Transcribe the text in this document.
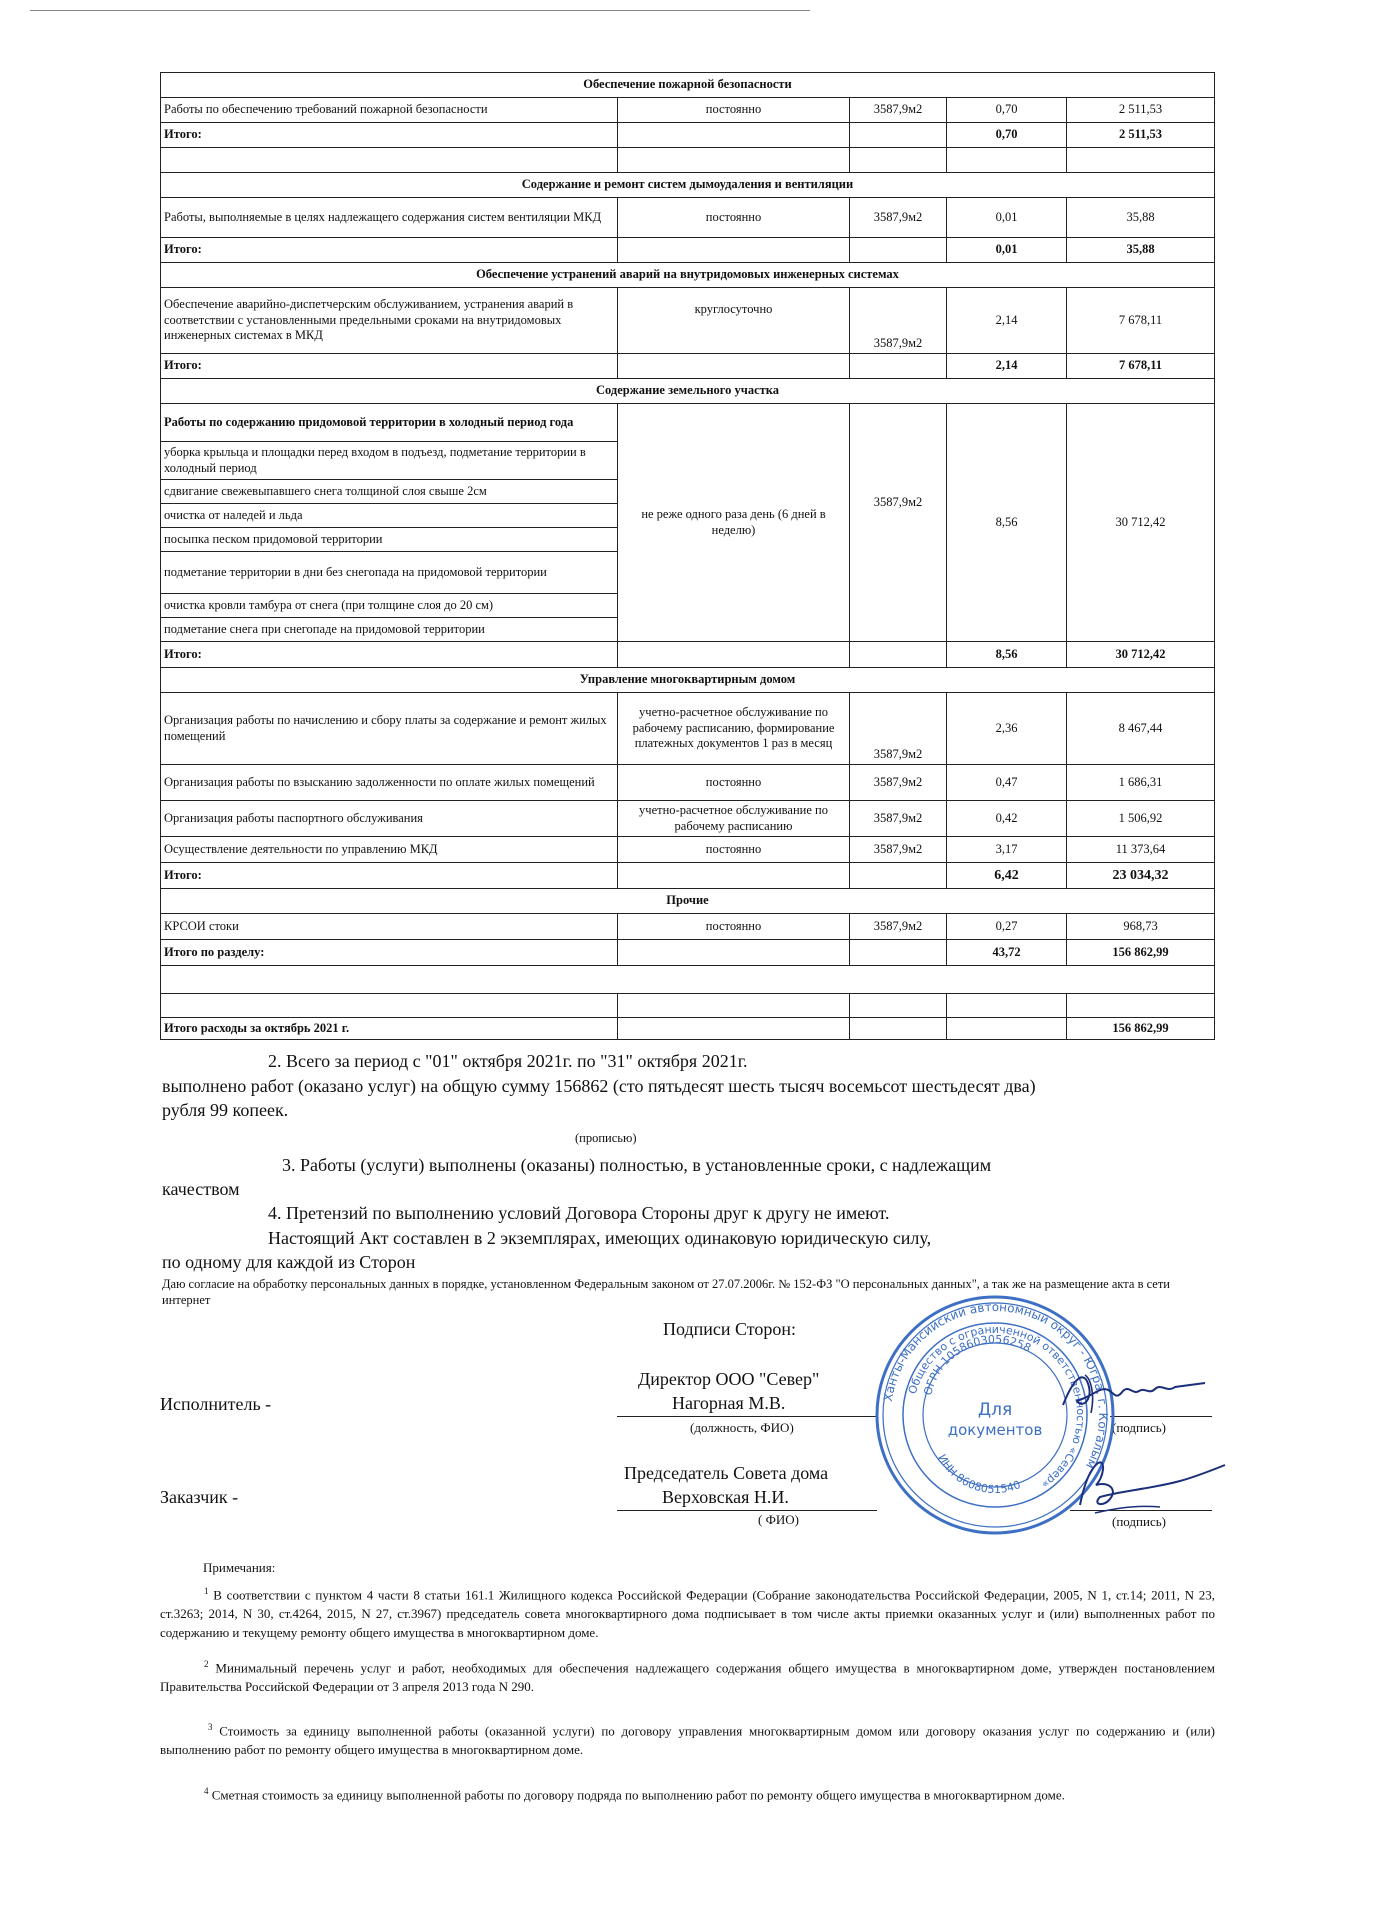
Обеспечение пожарной безопасности				
Работы по обеспечению требований пожарной безопасности	постоянно	3587,9м2	0,70	2 511,53
Итого:			0,70	2 511,53

Содержание и ремонт систем дымоудаления и вентиляции				
Работы, выполняемые в целях надлежащего содержания систем вентиляции МКД	постоянно	3587,9м2	0,01	35,88
Итого:			0,01	35,88
Обеспечение устранений аварий на внутридомовых инженерных системах				
Обеспечение аварийно-диспетчерским обслуживанием, устранения аварий в соответствии с установленными предельными сроками на внутридомовых инженерных системах в МКД	круглосуточно	3587,9м2	2,14	7 678,11
Итого:			2,14	7 678,11
Содержание земельного участка				
Работы по содержанию придомовой территории в холодный период года	не реже одного раза день (6 дней в неделю)	3587,9м2	8,56	30 712,42
уборка крыльца и площадки перед входом в подъезд, подметание территории в холодный период				
сдвигание свежевыпавшего снега толщиной слоя свыше 2см				
очистка от наледей и льда				
посыпка песком придомовой территории				
подметание территории в дни без снегопада на придомовой территории				
очистка кровли тамбура от снега (при толщине слоя до 20 см)				
подметание снега при снегопаде на придомовой территории				
Итого:			8,56	30 712,42
Управление многоквартирным домом				
Организация работы по начислению и сбору платы за содержание и ремонт жилых помещений	учетно-расчетное обслуживание по рабочему расписанию, формирование платежных документов 1 раз в месяц	3587,9м2	2,36	8 467,44
Организация работы по взысканию задолженности по оплате жилых помещений	постоянно	3587,9м2	0,47	1 686,31
Организация работы паспортного обслуживания	учетно-расчетное обслуживание по рабочему расписанию	3587,9м2	0,42	1 506,92
Осуществление деятельности по управлению МКД	постоянно	3587,9м2	3,17	11 373,64
Итого:			6,42	23 034,32
Прочие				
КРСОИ стоки	постоянно	3587,9м2	0,27	968,73
Итого по разделу:			43,72	156 862,99

Итого расходы за октябрь 2021 г.				156 862,99
2. Всего за период с "01" октября 2021г. по "31" октября 2021г.
выполнено работ (оказано услуг) на общую сумму 156862 (сто пятьдесят шесть тысяч восемьсот шестьдесят два)
рубля 99 копеек.
(прописью)
3. Работы (услуги) выполнены (оказаны) полностью, в установленные сроки, с надлежащим
качеством
4. Претензий по выполнению условий Договора Стороны друг к другу не имеют.
Настоящий Акт составлен в 2 экземплярах, имеющих одинаковую юридическую силу,
по одному для каждой из Сторон
Даю согласие на обработку персональных данных в порядке, установленном Федеральным законом от 27.07.2006г. № 152-ФЗ "О персональных данных", а так же на размещение акта в сети интернет
Подписи Сторон:
Исполнитель -
Директор ООО "Север"
Нагорная М.В.
(должность, ФИО)	(подпись)
Заказчик -
Председатель Совета дома
Верховская Н.И.
( ФИО)	(подпись)
Ханты-Мансийский автономный округ - Югра, г. Когалым
Общество с ограниченной ответственностью «Север»
ОГРН 1058603056258
ИНН 8608051540
Для
документов
Примечания:
$^1$ В соответствии с пунктом 4 части 8 статьи 161.1 Жилищного кодекса Российской Федерации (Собрание законодательства Российской Федерации, 2005, N 1, ст.14; 2011, N 23, ст.3263; 2014, N 30, ст.4264, 2015, N 27, ст.3967) председатель совета многоквартирного дома подписывает в том числе акты приемки оказанных услуг и (или) выполненных работ по содержанию и текущему ремонту общего имущества в многоквартирном доме.
$^2$ Минимальный перечень услуг и работ, необходимых для обеспечения надлежащего содержания общего имущества в многоквартирном доме, утвержден постановлением Правительства Российской Федерации от 3 апреля 2013 года N 290.
$^3$ Стоимость за единицу выполненной работы (оказанной услуги) по договору управления многоквартирным домом или договору оказания услуг по содержанию и (или) выполнению работ по ремонту общего имущества в многоквартирном доме.
$^4$ Сметная стоимость за единицу выполненной работы по договору подряда по выполнению работ по ремонту общего имущества в многоквартирном доме.
